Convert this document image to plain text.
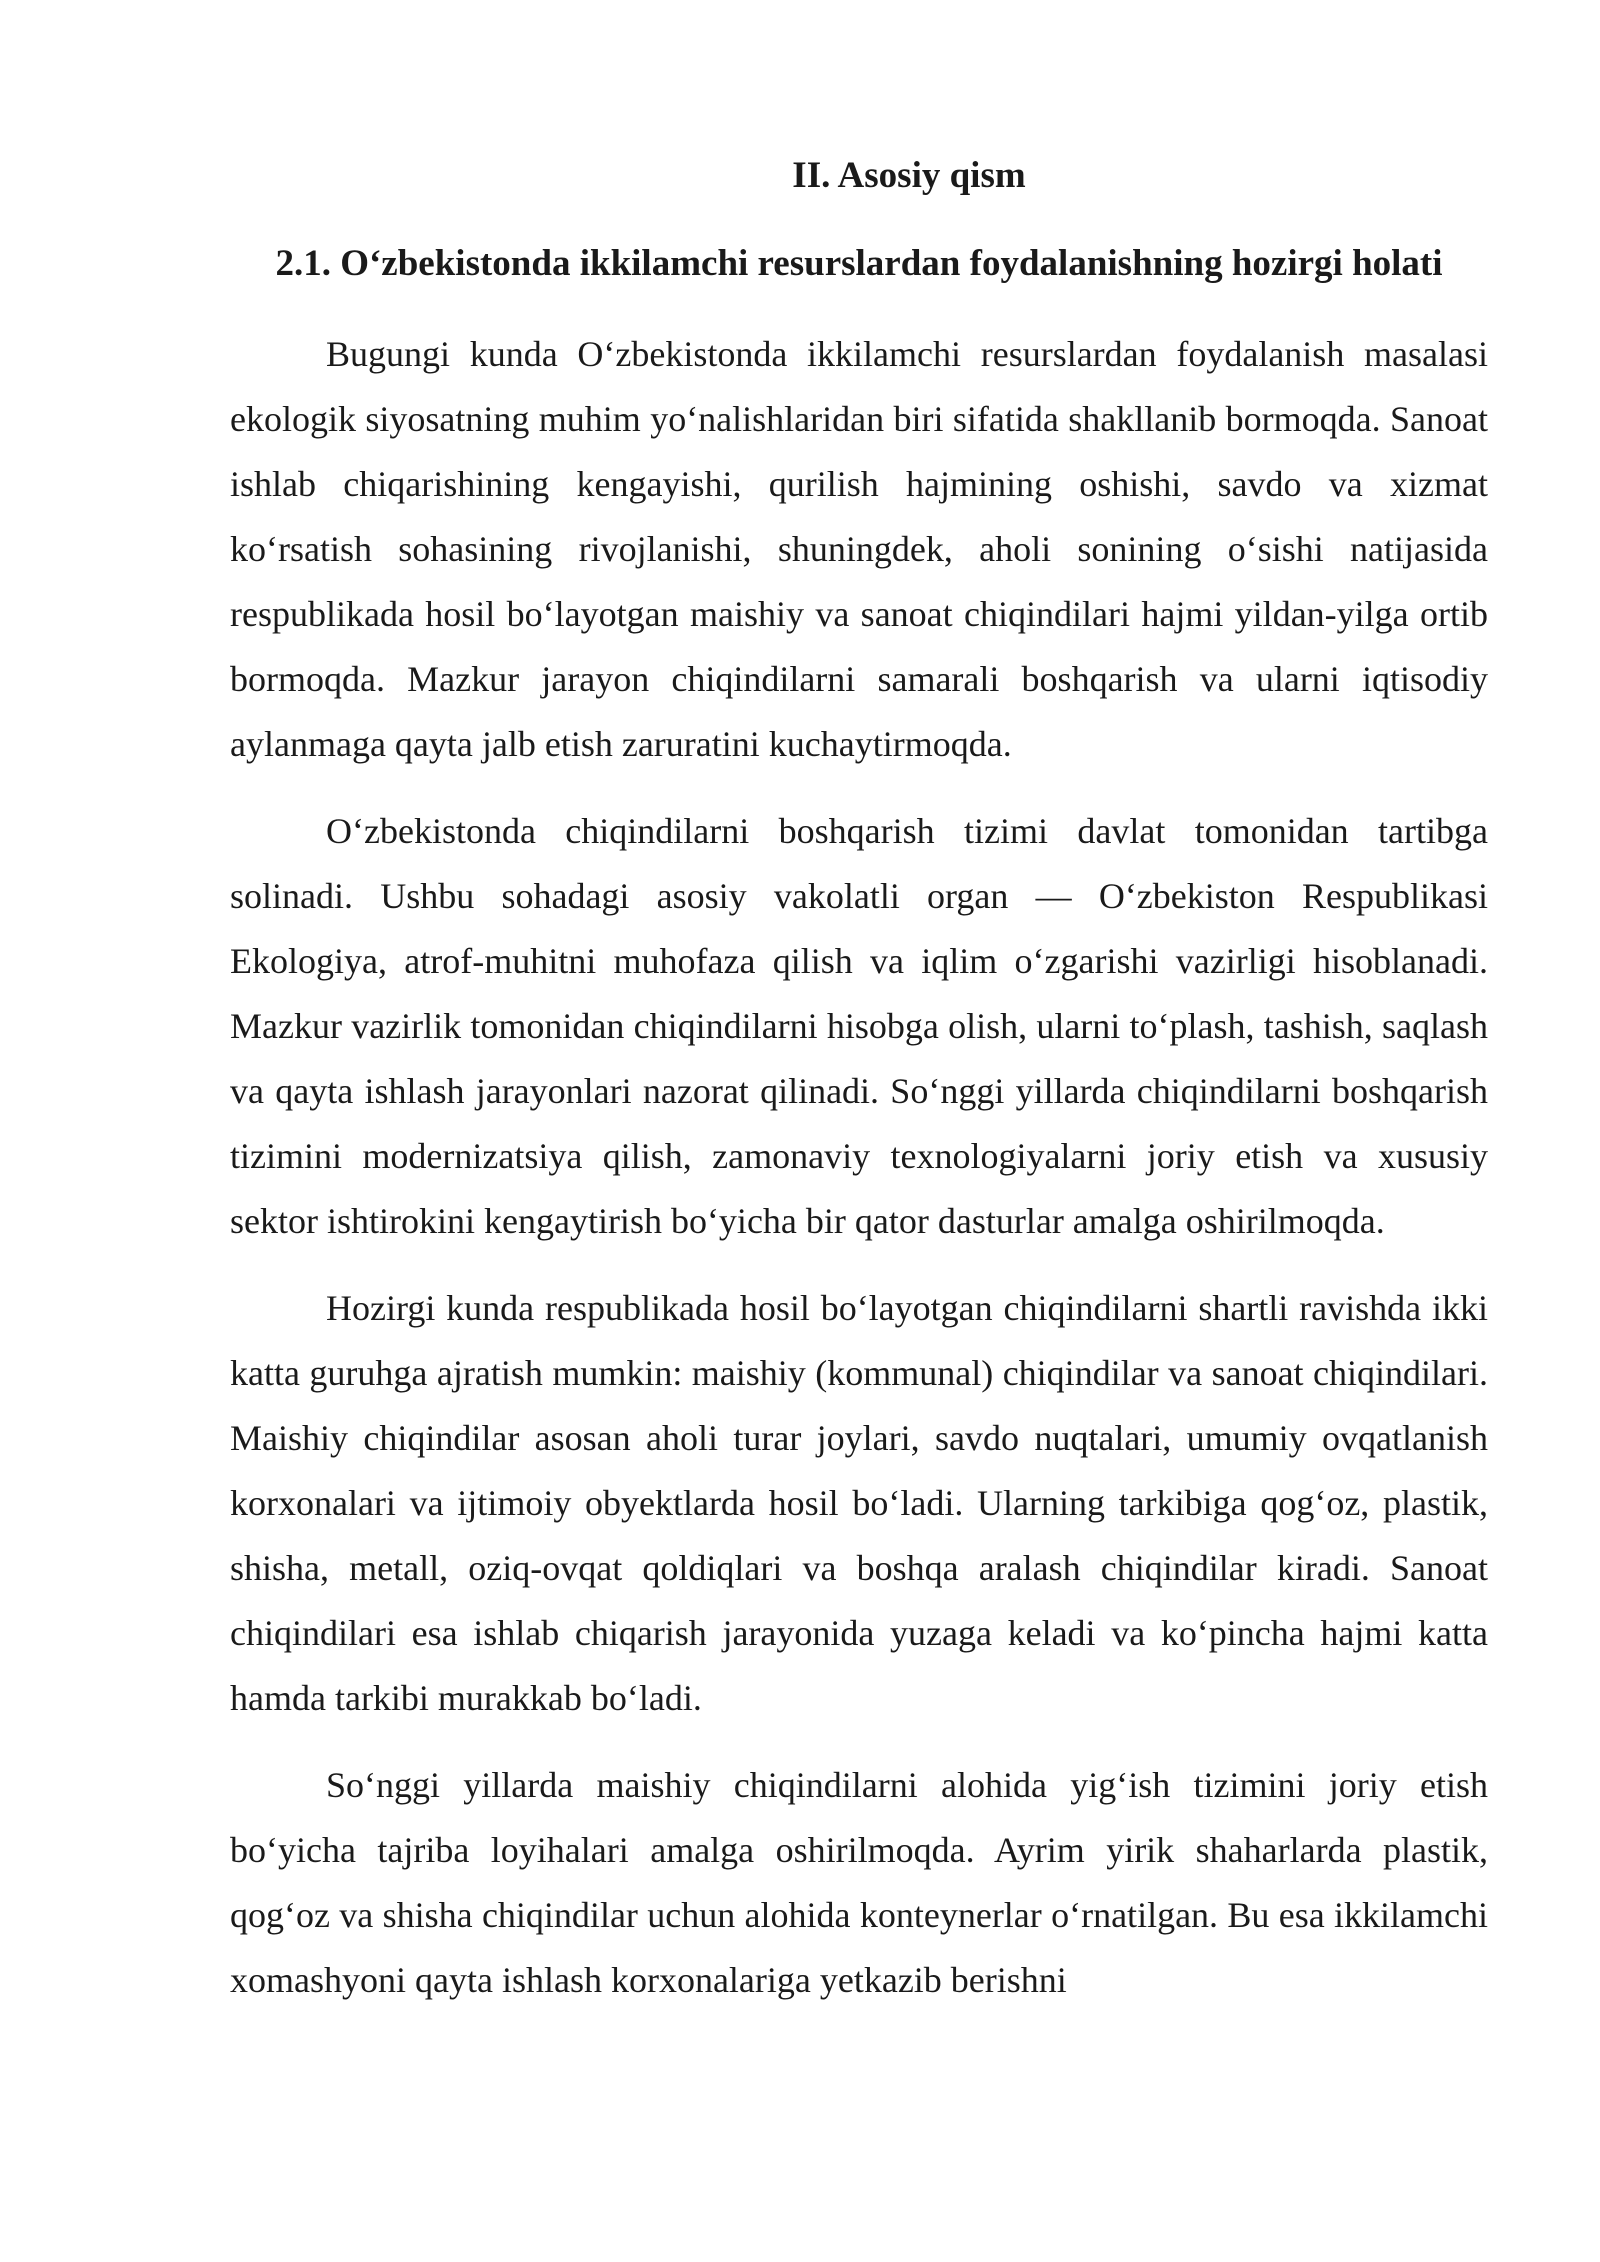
II. Asosiy qism
2.1. O‘zbekistonda ikkilamchi resurslardan foydalanishning hozirgi holati

Bugungi kunda O‘zbekistonda ikkilamchi resurslardan foydalanish masalasi ekologik siyosatning muhim yo‘nalishlaridan biri sifatida shakllanib bormoqda. Sanoat ishlab chiqarishining kengayishi, qurilish hajmining oshishi, savdo va xizmat ko‘rsatish sohasining rivojlanishi, shuningdek, aholi sonining o‘sishi natijasida respublikada hosil bo‘layotgan maishiy va sanoat chiqindilari hajmi yildan-yilga ortib bormoqda. Mazkur jarayon chiqindilarni samarali boshqarish va ularni iqtisodiy aylanmaga qayta jalb etish zaruratini kuchaytirmoqda.

O‘zbekistonda chiqindilarni boshqarish tizimi davlat tomonidan tartibga solinadi. Ushbu sohadagi asosiy vakolatli organ — O‘zbekiston Respublikasi Ekologiya, atrof-muhitni muhofaza qilish va iqlim o‘zgarishi vazirligi hisoblanadi. Mazkur vazirlik tomonidan chiqindilarni hisobga olish, ularni to‘plash, tashish, saqlash va qayta ishlash jarayonlari nazorat qilinadi. So‘nggi yillarda chiqindilarni boshqarish tizimini modernizatsiya qilish, zamonaviy texnologiyalarni joriy etish va xususiy sektor ishtirokini kengaytirish bo‘yicha bir qator dasturlar amalga oshirilmoqda.

Hozirgi kunda respublikada hosil bo‘layotgan chiqindilarni shartli ravishda ikki katta guruhga ajratish mumkin: maishiy (kommunal) chiqindilar va sanoat chiqindilari. Maishiy chiqindilar asosan aholi turar joylari, savdo nuqtalari, umumiy ovqatlanish korxonalari va ijtimoiy obyektlarda hosil bo‘ladi. Ularning tarkibiga qog‘oz, plastik, shisha, metall, oziq-ovqat qoldiqlari va boshqa aralash chiqindilar kiradi. Sanoat chiqindilari esa ishlab chiqarish jarayonida yuzaga keladi va ko‘pincha hajmi katta hamda tarkibi murakkab bo‘ladi.

So‘nggi yillarda maishiy chiqindilarni alohida yig‘ish tizimini joriy etish bo‘yicha tajriba loyihalari amalga oshirilmoqda. Ayrim yirik shaharlarda plastik, qog‘oz va shisha chiqindilar uchun alohida konteynerlar o‘rnatilgan. Bu esa ikkilamchi xomashyoni qayta ishlash korxonalariga yetkazib berishni
